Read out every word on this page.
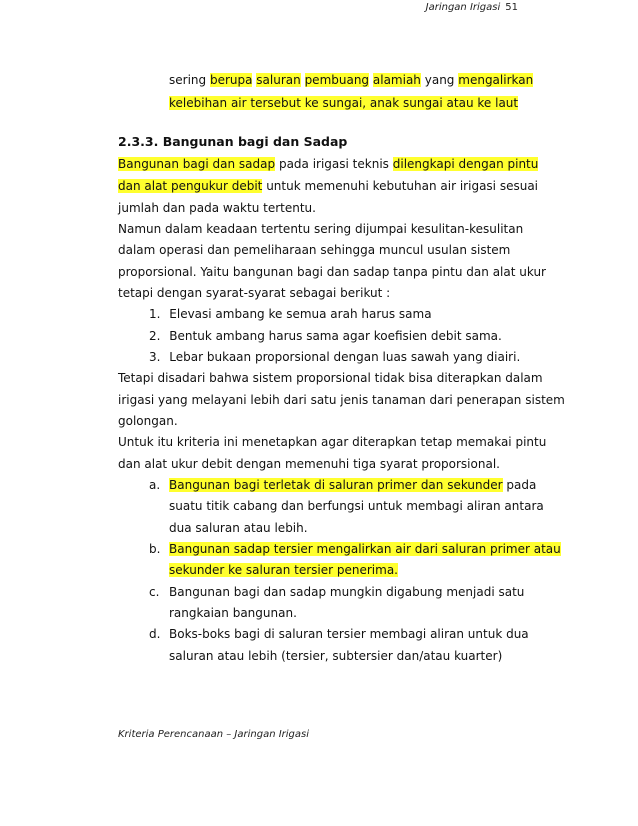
Jaringan Irigasi 51
sering berupa saluran pembuang alamiah yang mengalirkan
kelebihan air tersebut ke sungai, anak sungai atau ke laut
2.3.3. Bangunan bagi dan Sadap
Bangunan bagi dan sadap pada irigasi teknis dilengkapi dengan pintu
dan alat pengukur debit untuk memenuhi kebutuhan air irigasi sesuai
jumlah dan pada waktu tertentu.
Namun dalam keadaan tertentu sering dijumpai kesulitan-kesulitan
dalam operasi dan pemeliharaan sehingga muncul usulan sistem
proporsional. Yaitu bangunan bagi dan sadap tanpa pintu dan alat ukur
tetapi dengan syarat-syarat sebagai berikut :
1. Elevasi ambang ke semua arah harus sama
2. Bentuk ambang harus sama agar koefisien debit sama.
3. Lebar bukaan proporsional dengan luas sawah yang diairi.
Tetapi disadari bahwa sistem proporsional tidak bisa diterapkan dalam
irigasi yang melayani lebih dari satu jenis tanaman dari penerapan sistem
golongan.
Untuk itu kriteria ini menetapkan agar diterapkan tetap memakai pintu
dan alat ukur debit dengan memenuhi tiga syarat proporsional.
a. Bangunan bagi terletak di saluran primer dan sekunder pada
suatu titik cabang dan berfungsi untuk membagi aliran antara
dua saluran atau lebih.
b. Bangunan sadap tersier mengalirkan air dari saluran primer atau
sekunder ke saluran tersier penerima.
c. Bangunan bagi dan sadap mungkin digabung menjadi satu
rangkaian bangunan.
d. Boks-boks bagi di saluran tersier membagi aliran untuk dua
saluran atau lebih (tersier, subtersier dan/atau kuarter)
Kriteria Perencanaan – Jaringan Irigasi
